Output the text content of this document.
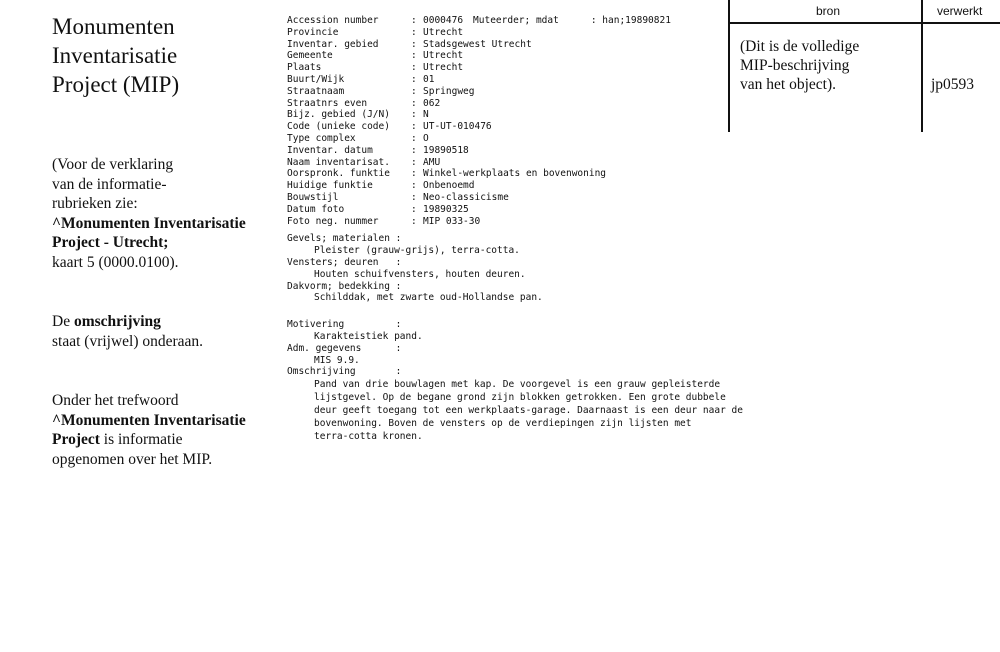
Monumenten
Inventarisatie
Project (MIP)
(Voor de verklaring
van de informatie-
rubrieken zie:
^Monumenten Inventarisatie
Project - Utrecht;
kaart 5 (0000.0100).
De omschrijving
staat (vrijwel) onderaan.
Onder het trefwoord
^Monumenten Inventarisatie
Project is informatie
opgenomen over het MIP.
Accession number	: 0000476 Mutеerder; mdat	: han;19890821
Provincie	: Utrecht
Inventar. gebied	: Stadsgewest Utrecht
Gemeente	: Utrecht
Plaats	: Utrecht
Buurt/Wijk	: 01
Straatnaam	: Springweg
Straatnrs even	: 062
Bijz. gebied (J/N)	: N
Code (unieke code)	: UT-UT-010476
Type complex	: O
Inventar. datum	: 19890518
Naam inventarisat.	: AMU
Oorspronk. funktie	: Winkel-werkplaats en bovenwoning
Huidige funktie	: Onbenoemd
Bouwstijl	: Neo-classicisme
Datum foto	: 19890325
Foto neg. nummer	: MIP 033-30
Gevels; materialen :
Pleister (grauw-grijs), terra-cotta.
Vensters; deuren   :
Houten schuifvensters, houten deuren.
Dakvorm; bedekking :
Schilddak, met zwarte oud-Hollandse pan.
Motivering         :
Karakteistiek pand.
Adm. gegevens      :
MIS 9.9.
Omschrijving       :
Pand van drie bouwlagen met kap. De voorgevel is een grauw gepleisterde
lijstgevel. Op de begane grond zijn blokken getrokken. Een grote dubbele
deur geeft toegang tot een werkplaats-garage. Daarnaast is een deur naar de
bovenwoning. Boven de vensters op de verdiepingen zijn lijsten met
terra-cotta kronen.
bron	verwerkt
(Dit is de volledige
MIP-beschrijving
van het object).	jp0593
